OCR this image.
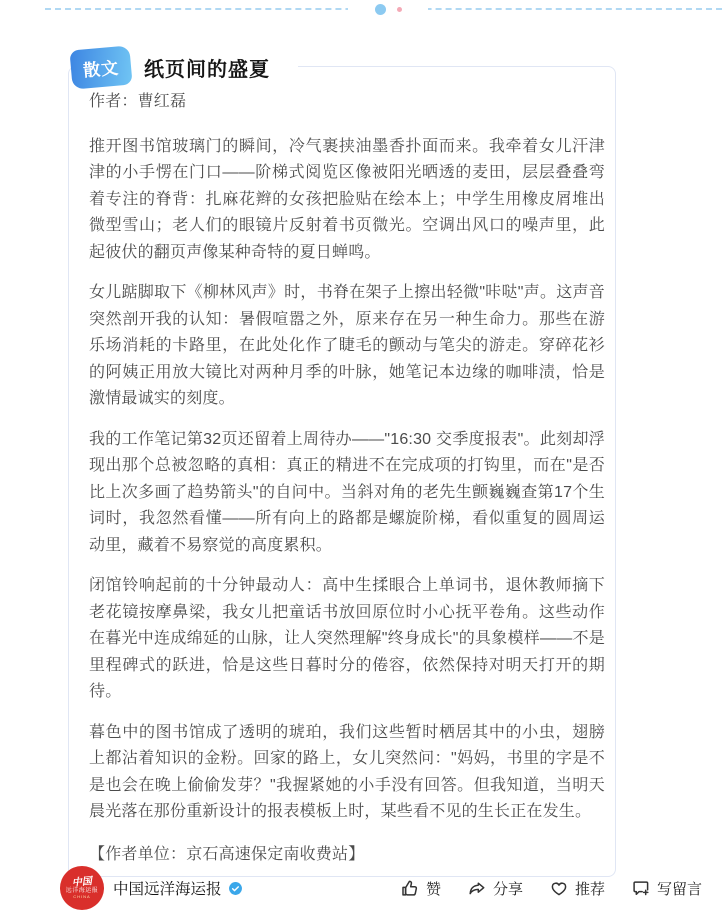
散文	纸页间的盛夏

作者：曹红磊

推开图书馆玻璃门的瞬间，冷气裹挟油墨香扑面而来。我牵着女儿汗津津的小手愣在门口——阶梯式阅览区像被阳光晒透的麦田，层层叠叠弯着专注的脊背：扎麻花辫的女孩把脸贴在绘本上；中学生用橡皮屑堆出微型雪山；老人们的眼镜片反射着书页微光。空调出风口的噪声里，此起彼伏的翻页声像某种奇特的夏日蝉鸣。

女儿踮脚取下《柳林风声》时，书脊在架子上擦出轻微"咔哒"声。这声音突然剖开我的认知：暑假喧嚣之外，原来存在另一种生命力。那些在游乐场消耗的卡路里，在此处化作了睫毛的颤动与笔尖的游走。穿碎花衫的阿姨正用放大镜比对两种月季的叶脉，她笔记本边缘的咖啡渍，恰是激情最诚实的刻度。

我的工作笔记第32页还留着上周待办——"16:30 交季度报表"。此刻却浮现出那个总被忽略的真相：真正的精进不在完成项的打钩里，而在"是否比上次多画了趋势箭头"的自问中。当斜对角的老先生颤巍巍查第17个生词时，我忽然看懂——所有向上的路都是螺旋阶梯，看似重复的圆周运动里，藏着不易察觉的高度累积。

闭馆铃响起前的十分钟最动人：高中生揉眼合上单词书，退休教师摘下老花镜按摩鼻梁，我女儿把童话书放回原位时小心抚平卷角。这些动作在暮光中连成绵延的山脉，让人突然理解"终身成长"的具象模样——不是里程碑式的跃进，恰是这些日暮时分的倦容，依然保持对明天打开的期待。

暮色中的图书馆成了透明的琥珀，我们这些暂时栖居其中的小虫，翅膀上都沾着知识的金粉。回家的路上，女儿突然问："妈妈，书里的字是不是也会在晚上偷偷发芽？"我握紧她的小手没有回答。但我知道，当明天晨光落在那份重新设计的报表模板上时，某些看不见的生长正在发生。

【作者单位：京石高速保定南收费站】

中国
远洋海运报
CHINA 中国远洋海运报	赞	分享	推荐	写留言
